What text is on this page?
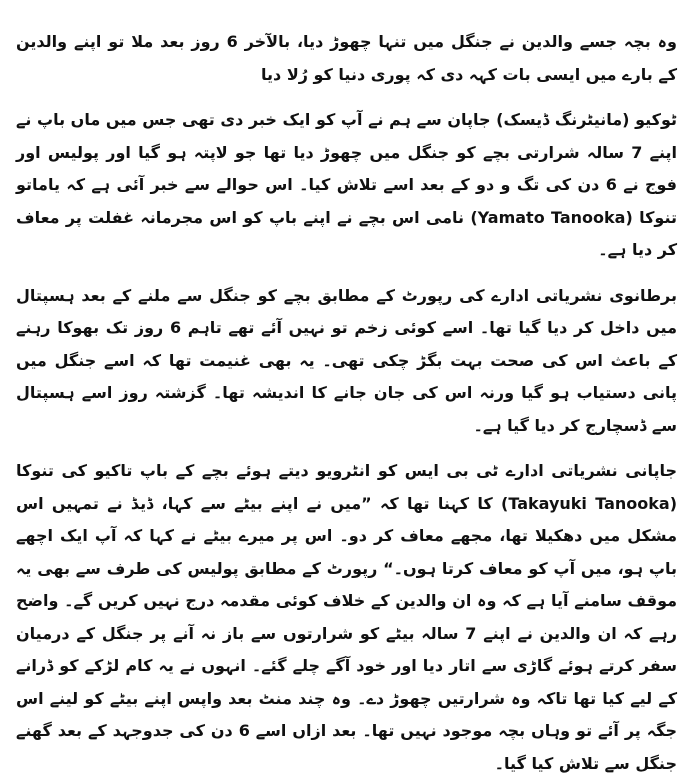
وہ بچہ جسے والدین نے جنگل میں تنہا چھوڑ دیا، بالآخر 6 روز بعد ملا تو اپنے والدین کے بارے میں ایسی بات کہہ دی کہ پوری دنیا کو رُلا دیا

ٹوکیو (مانیٹرنگ ڈیسک) جاپان سے ہم نے آپ کو ایک خبر دی تھی جس میں ماں باپ نے اپنے 7 سالہ شرارتی بچے کو جنگل میں چھوڑ دیا تھا جو لاپتہ ہو گیا اور پولیس اور فوج نے 6 دن کی تگ و دو کے بعد اسے تلاش کیا۔ اس حوالے سے خبر آئی ہے کہ یاماتو تنوکا (Yamato Tanooka) نامی اس بچے نے اپنے باپ کو اس مجرمانہ غفلت پر معاف کر دیا ہے۔

برطانوی نشریاتی ادارے کی رپورٹ کے مطابق بچے کو جنگل سے ملنے کے بعد ہسپتال میں داخل کر دیا گیا تھا۔ اسے کوئی زخم تو نہیں آئے تھے تاہم 6 روز تک بھوکا رہنے کے باعث اس کی صحت بہت بگڑ چکی تھی۔ یہ بھی غنیمت تھا کہ اسے جنگل میں پانی دستیاب ہو گیا ورنہ اس کی جان جانے کا اندیشہ تھا۔ گزشتہ روز اسے ہسپتال سے ڈسچارج کر دیا گیا ہے۔

جاپانی نشریاتی ادارے ٹی بی ایس کو انٹرویو دیتے ہوئے بچے کے باپ تاکیو کی تنوکا (Takayuki Tanooka) کا کہنا تھا کہ ”میں نے اپنے بیٹے سے کہا، ڈیڈ نے تمہیں اس مشکل میں دھکیلا تھا، مجھے معاف کر دو۔ اس پر میرے بیٹے نے کہا کہ آپ ایک اچھے باپ ہو، میں آپ کو معاف کرتا ہوں۔“ رپورٹ کے مطابق پولیس کی طرف سے بھی یہ موقف سامنے آیا ہے کہ وہ ان والدین کے خلاف کوئی مقدمہ درج نہیں کریں گے۔ واضح رہے کہ ان والدین نے اپنے 7 سالہ بیٹے کو شرارتوں سے باز نہ آنے پر جنگل کے درمیان سفر کرتے ہوئے گاڑی سے اتار دیا اور خود آگے چلے گئے۔ انہوں نے یہ کام لڑکے کو ڈرانے کے لیے کیا تھا تاکہ وہ شرارتیں چھوڑ دے۔ وہ چند منٹ بعد واپس اپنے بیٹے کو لینے اس جگہ پر آئے تو وہاں بچہ موجود نہیں تھا۔ بعد ازاں اسے 6 دن کی جدوجہد کے بعد گھنے جنگل سے تلاش کیا گیا۔
